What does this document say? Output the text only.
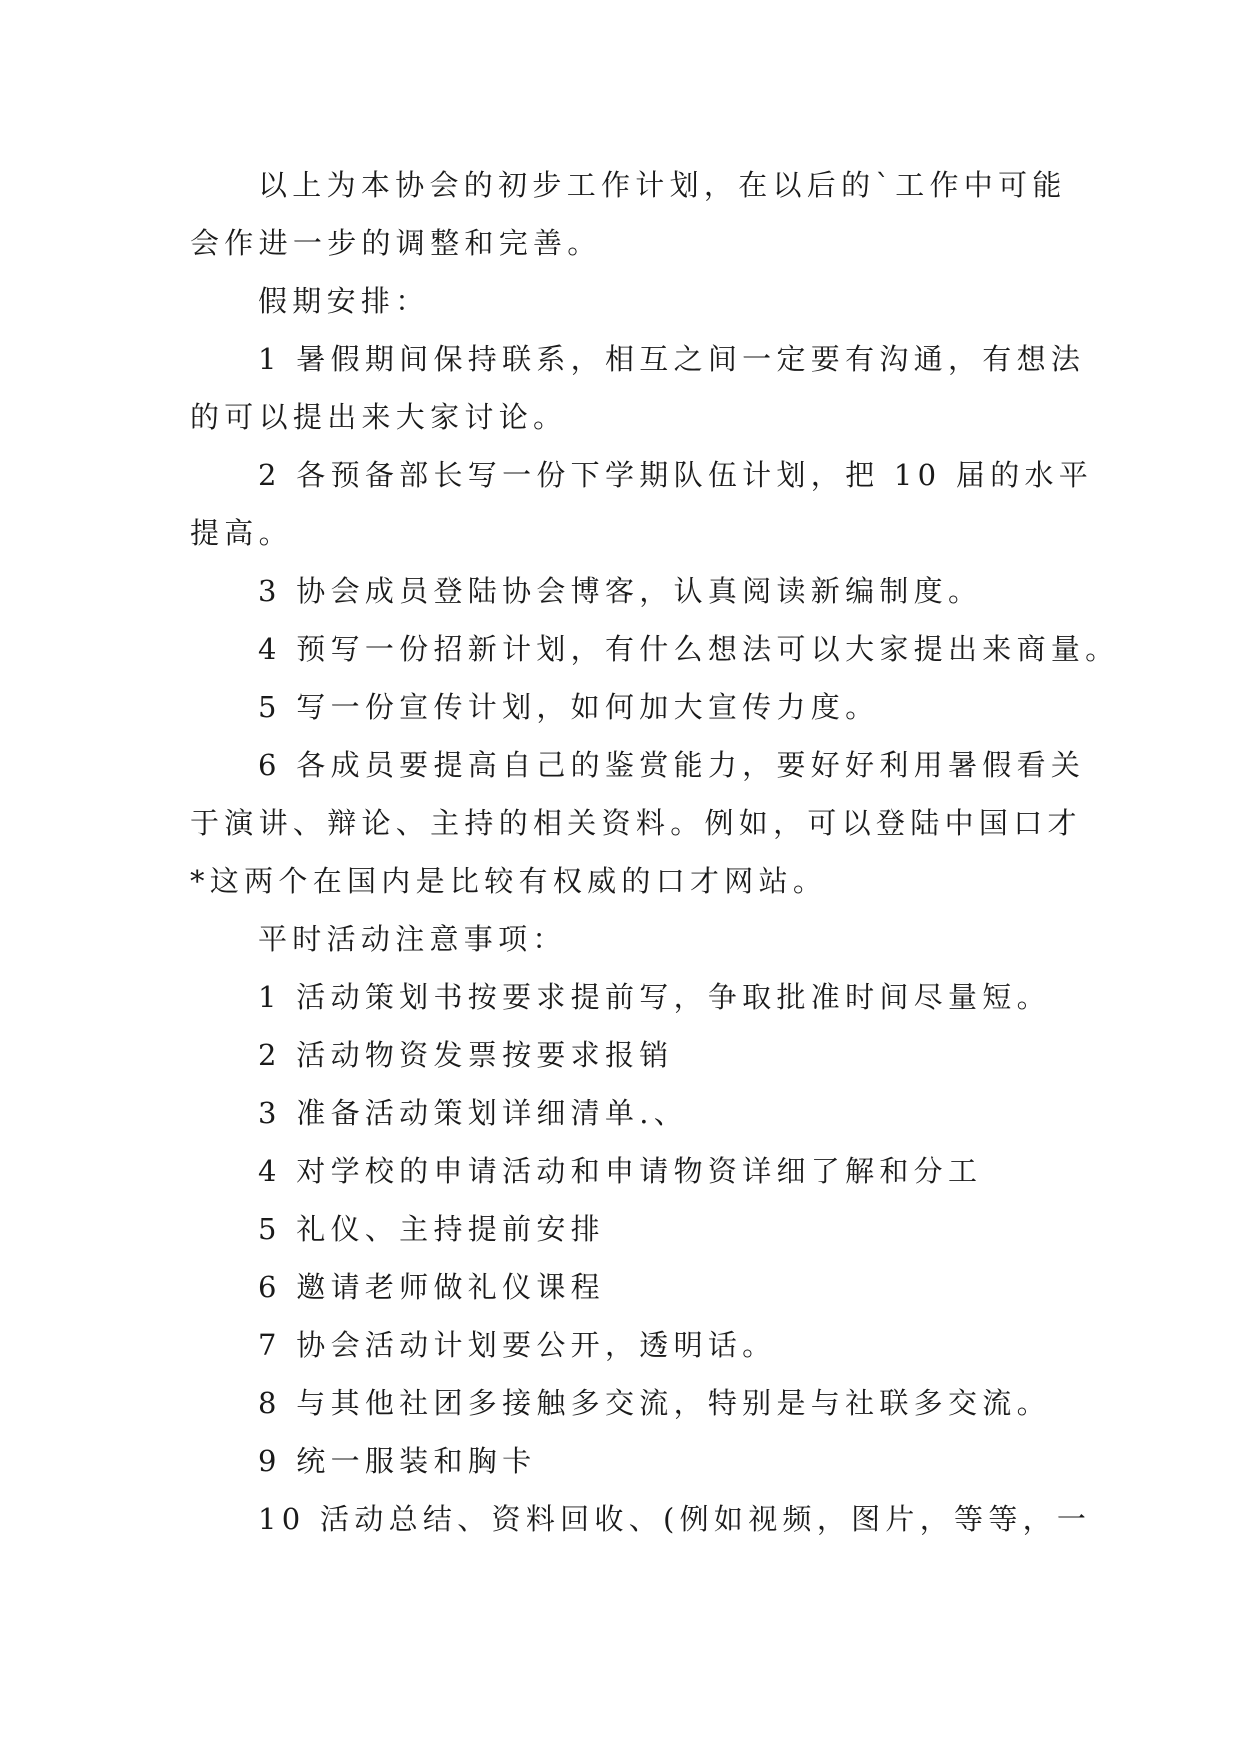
以上为本协会的初步工作计划，在以后的`工作中可能
会作进一步的调整和完善。
假期安排：
1 暑假期间保持联系，相互之间一定要有沟通，有想法
的可以提出来大家讨论。
2 各预备部长写一份下学期队伍计划，把 10 届的水平
提高。
3 协会成员登陆协会博客，认真阅读新编制度。
4 预写一份招新计划，有什么想法可以大家提出来商量。
5 写一份宣传计划，如何加大宣传力度。
6 各成员要提高自己的鉴赏能力，要好好利用暑假看关
于演讲、辩论、主持的相关资料。例如，可以登陆中国口才
*这两个在国内是比较有权威的口才网站。
平时活动注意事项：
1 活动策划书按要求提前写，争取批准时间尽量短。
2 活动物资发票按要求报销
3 准备活动策划详细清单.、
4 对学校的申请活动和申请物资详细了解和分工
5 礼仪、主持提前安排
6 邀请老师做礼仪课程
7 协会活动计划要公开，透明话。
8 与其他社团多接触多交流，特别是与社联多交流。
9 统一服装和胸卡
10 活动总结、资料回收、(例如视频，图片，等等，一
